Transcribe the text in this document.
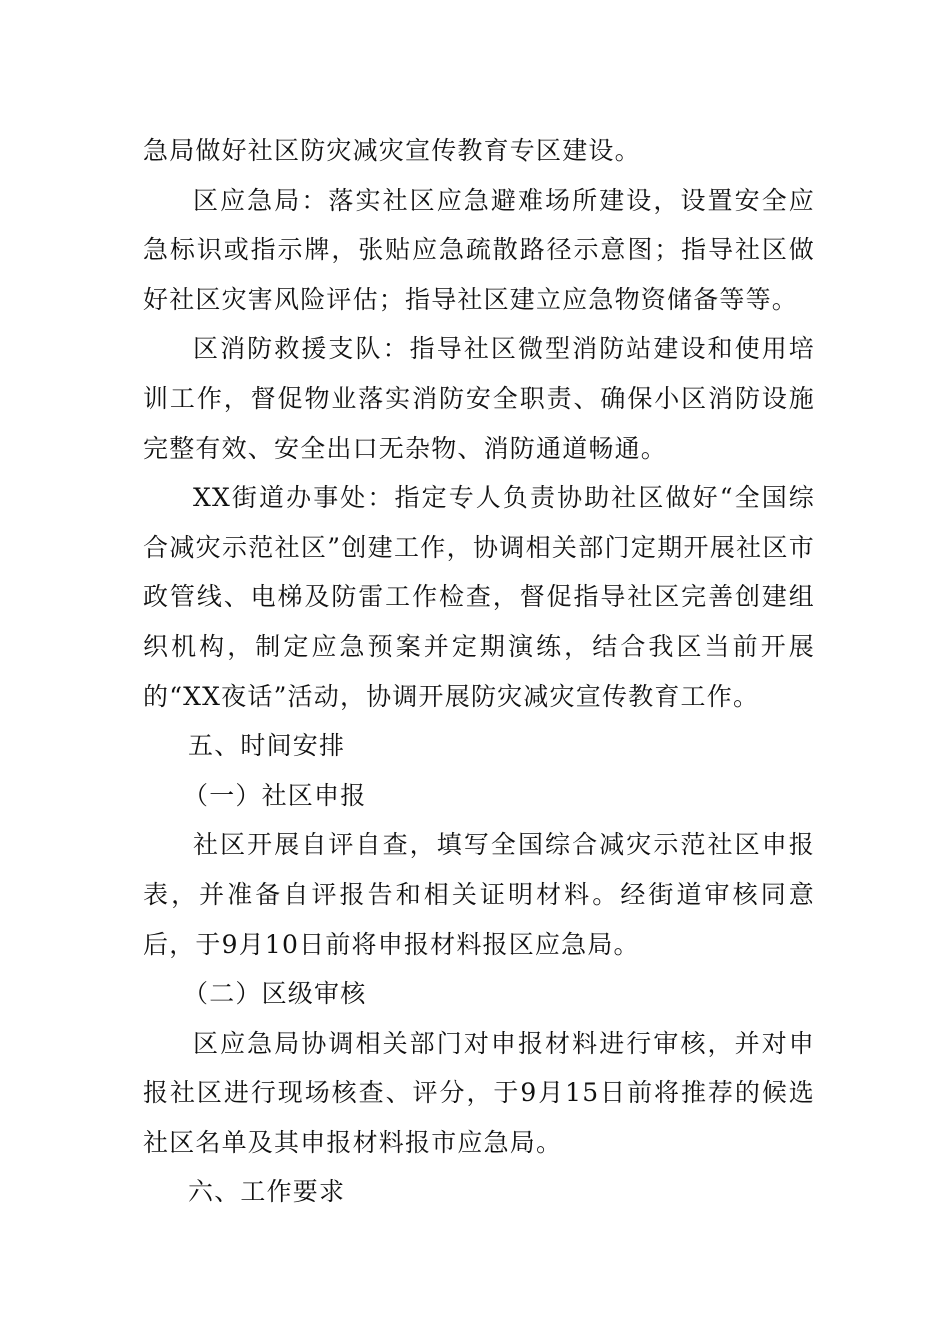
急局做好社区防灾减灾宣传教育专区建设。

区应急局：落实社区应急避难场所建设，设置安全应急标识或指示牌，张贴应急疏散路径示意图；指导社区做好社区灾害风险评估；指导社区建立应急物资储备等等。

区消防救援支队：指导社区微型消防站建设和使用培训工作，督促物业落实消防安全职责、确保小区消防设施完整有效、安全出口无杂物、消防通道畅通。

XX街道办事处：指定专人负责协助社区做好“全国综合减灾示范社区”创建工作，协调相关部门定期开展社区市政管线、电梯及防雷工作检查，督促指导社区完善创建组织机构，制定应急预案并定期演练，结合我区当前开展的“XX夜话”活动，协调开展防灾减灾宣传教育工作。

五、时间安排

（一）社区申报

社区开展自评自查，填写全国综合减灾示范社区申报表，并准备自评报告和相关证明材料。经街道审核同意后，于9月10日前将申报材料报区应急局。

（二）区级审核

区应急局协调相关部门对申报材料进行审核，并对申报社区进行现场核查、评分，于9月15日前将推荐的候选社区名单及其申报材料报市应急局。

六、工作要求
